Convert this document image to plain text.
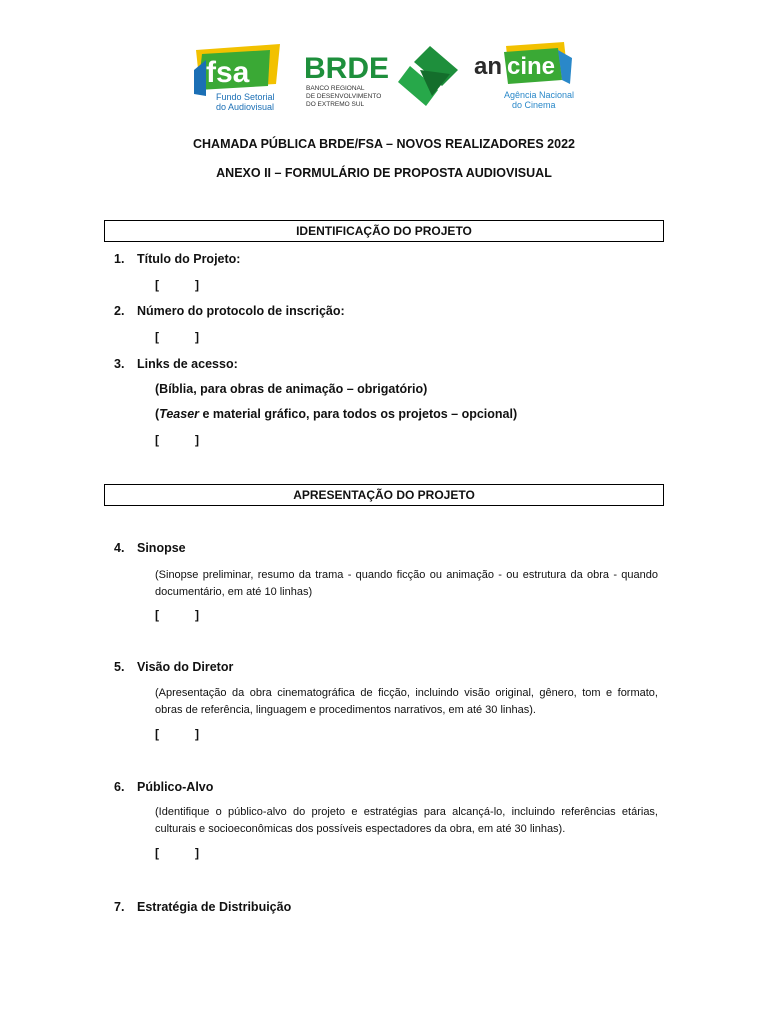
fsa
Fundo Setorial
do Audiovisual
BRDE
BANCO REGIONAL
DE DESENVOLVIMENTO
DO EXTREMO SUL
an cine
Agência Nacional
do Cinema
CHAMADA PÚBLICA BRDE/FSA – NOVOS REALIZADORES 2022
ANEXO II – FORMULÁRIO DE PROPOSTA AUDIOVISUAL
IDENTIFICAÇÃO DO PROJETO
1. Título do Projeto:
[	]
2. Número do protocolo de inscrição:
[	]
3. Links de acesso:
(Bíblia, para obras de animação – obrigatório)
(Teaser e material gráfico, para todos os projetos – opcional)
[	]
APRESENTAÇÃO DO PROJETO
4. Sinopse
(Sinopse preliminar, resumo da trama - quando ficção ou animação - ou estrutura da obra - quando documentário, em até 10 linhas)
[	]
5. Visão do Diretor
(Apresentação da obra cinematográfica de ficção, incluindo visão original, gênero, tom e formato, obras de referência, linguagem e procedimentos narrativos, em até 30 linhas).
[	]
6. Público-Alvo
(Identifique o público-alvo do projeto e estratégias para alcançá-lo, incluindo referências etárias, culturais e socioeconômicas dos possíveis espectadores da obra, em até 30 linhas).
[	]
7. Estratégia de Distribuição
